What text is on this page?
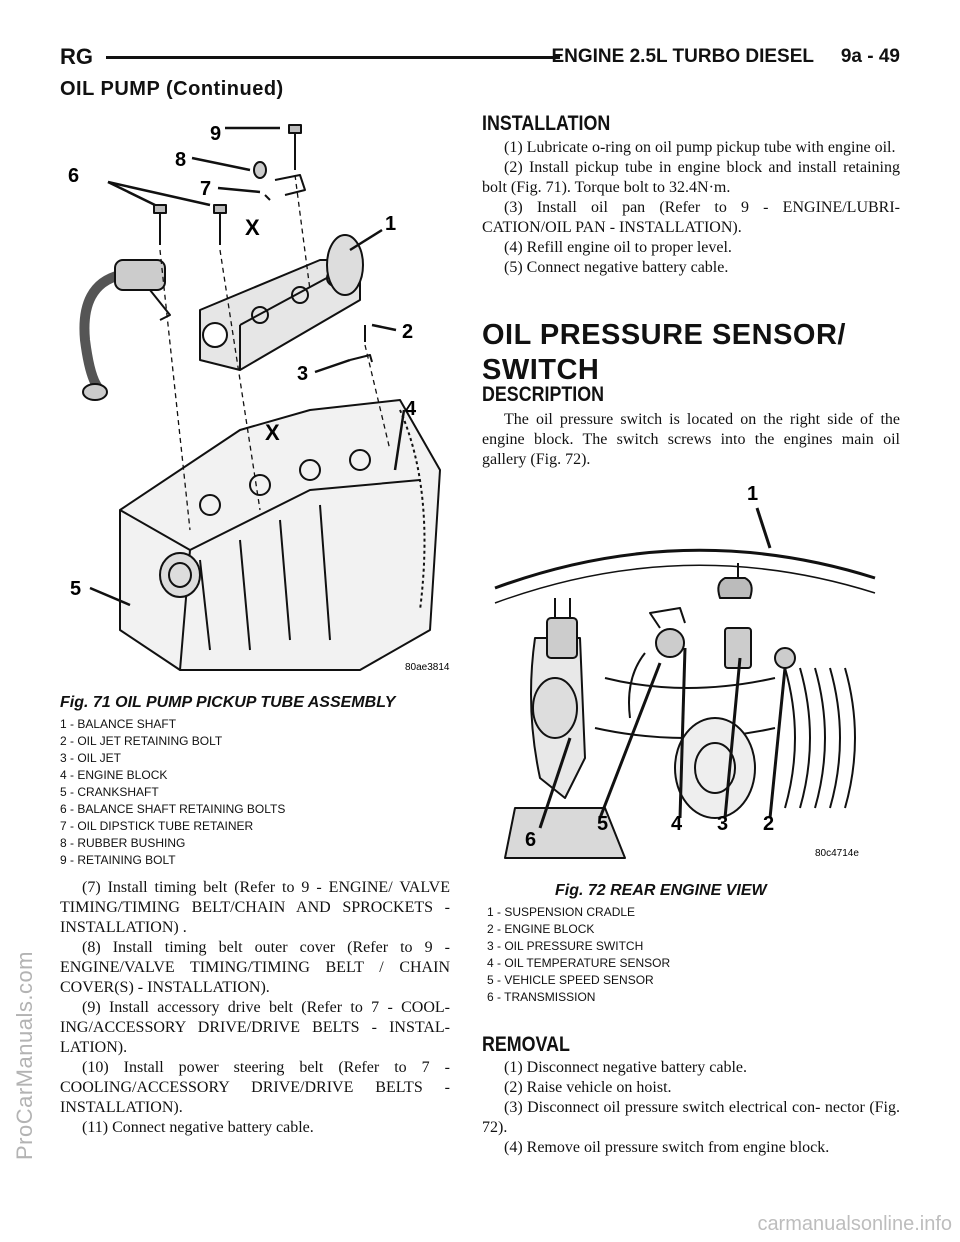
ProCarManuals.com
carmanualsonline.info
RG	ENGINE 2.5L TURBO DIESEL 9a - 49
OIL PUMP (Continued)
6
9
8
7
X	1
2
3
4
X
5
80ae3814
Fig. 71 OIL PUMP PICKUP TUBE ASSEMBLY
1 - BALANCE SHAFT
2 - OIL JET RETAINING BOLT
3 - OIL JET
4 - ENGINE BLOCK
5 - CRANKSHAFT
6 - BALANCE SHAFT RETAINING BOLTS
7 - OIL DIPSTICK TUBE RETAINER
8 - RUBBER BUSHING
9 - RETAINING BOLT

(7) Install timing belt (Refer to 9 - ENGINE/ VALVE TIMING/TIMING BELT/CHAIN AND SPROCKETS - INSTALLATION) .

(8) Install timing belt outer cover (Refer to 9 - ENGINE/VALVE TIMING/TIMING BELT / CHAIN COVER(S) - INSTALLATION).

(9) Install accessory drive belt (Refer to 7 - COOL- ING/ACCESSORY DRIVE/DRIVE BELTS - INSTAL- LATION).

(10) Install power steering belt (Refer to 7 - COOLING/ACCESSORY DRIVE/DRIVE BELTS - INSTALLATION).

(11) Connect negative battery cable.

INSTALLATION

(1) Lubricate o-ring on oil pump pickup tube with engine oil.

(2) Install pickup tube in engine block and install retaining bolt (Fig. 71). Torque bolt to 32.4N·m.

(3) Install oil pan (Refer to 9 - ENGINE/LUBRI- CATION/OIL PAN - INSTALLATION).

(4) Refill engine oil to proper level.

(5) Connect negative battery cable.

OIL PRESSURE SENSOR/
SWITCH
DESCRIPTION

The oil pressure switch is located on the right side of the engine block. The switch screws into the engines main oil gallery (Fig. 72).

1
6
5	4 3 2
80c4714e
Fig. 72 REAR ENGINE VIEW
1 - SUSPENSION CRADLE
2 - ENGINE BLOCK
3 - OIL PRESSURE SWITCH
4 - OIL TEMPERATURE SENSOR
5 - VEHICLE SPEED SENSOR
6 - TRANSMISSION
REMOVAL

(1) Disconnect negative battery cable.

(2) Raise vehicle on hoist.

(3) Disconnect oil pressure switch electrical con- nector (Fig. 72).

(4) Remove oil pressure switch from engine block.
